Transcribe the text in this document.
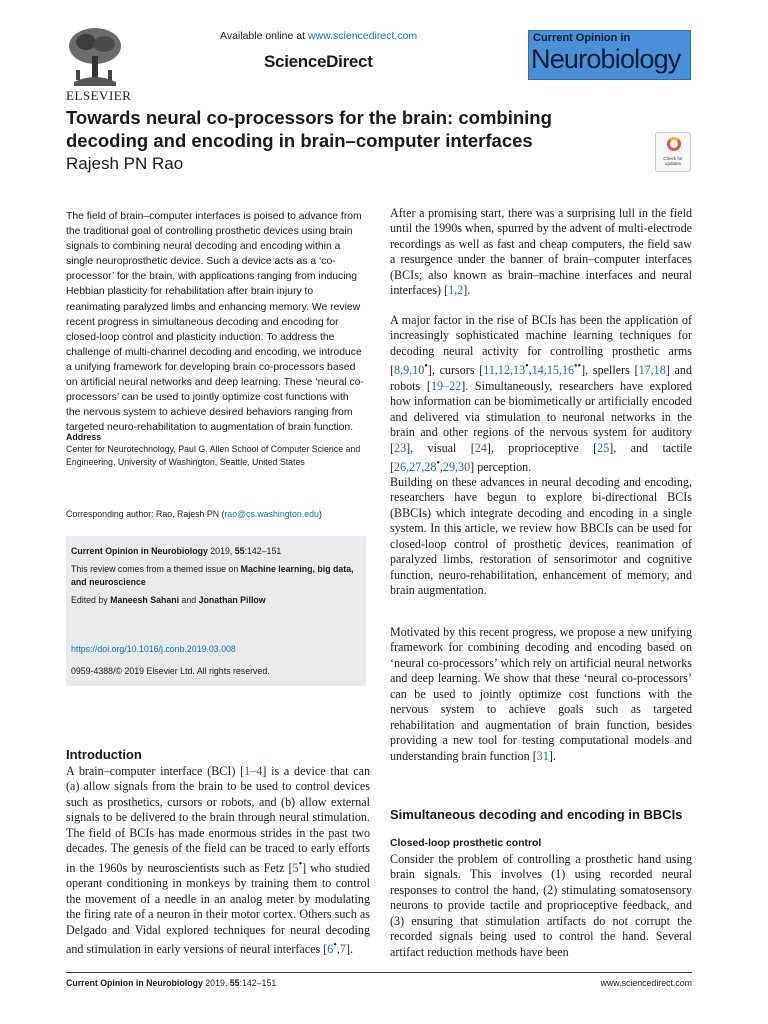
ELSEVIER
Available online at www.sciencedirect.com
ScienceDirect
Current Opinion in
Neurobiology
Towards neural co-processors for the brain: combining decoding and encoding in brain–computer interfaces
Rajesh PN Rao	Check for updates
The field of brain–computer interfaces is poised to advance from the traditional goal of controlling prosthetic devices using brain signals to combining neural decoding and encoding within a single neuroprosthetic device. Such a device acts as a ‘co-processor’ for the brain, with applications ranging from inducing Hebbian plasticity for rehabilitation after brain injury to reanimating paralyzed limbs and enhancing memory. We review recent progress in simultaneous decoding and encoding for closed-loop control and plasticity induction. To address the challenge of multi-channel decoding and encoding, we introduce a unifying framework for developing brain co-processors based on artificial neural networks and deep learning. These ‘neural co-processors’ can be used to jointly optimize cost functions with the nervous system to achieve desired behaviors ranging from targeted neuro-rehabilitation to augmentation of brain function.
Address
Center for Neurotechnology, Paul G. Allen School of Computer Science and Engineering, University of Washington, Seattle, United States
Corresponding author: Rao, Rajesh PN (rao@cs.washington.edu)
Current Opinion in Neurobiology 2019, 55:142–151
This review comes from a themed issue on Machine learning, big data, and neuroscience
Edited by Maneesh Sahani and Jonathan Pillow
https://doi.org/10.1016/j.conb.2019.03.008
0959-4388/© 2019 Elsevier Ltd. All rights reserved.
Introduction
A brain–computer interface (BCI) [1–4] is a device that can (a) allow signals from the brain to be used to control devices such as prosthetics, cursors or robots, and (b) allow external signals to be delivered to the brain through neural stimulation. The field of BCIs has made enormous strides in the past two decades. The genesis of the field can be traced to early efforts in the 1960s by neuroscientists such as Fetz [5•] who studied operant conditioning in monkeys by training them to control the movement of a needle in an analog meter by modulating the firing rate of a neuron in their motor cortex. Others such as Delgado and Vidal explored techniques for neural decoding and stimulation in early versions of neural interfaces [6•,7].
After a promising start, there was a surprising lull in the field until the 1990s when, spurred by the advent of multi-electrode recordings as well as fast and cheap computers, the field saw a resurgence under the banner of brain–computer interfaces (BCIs; also known as brain–machine interfaces and neural interfaces) [1,2].
A major factor in the rise of BCIs has been the application of increasingly sophisticated machine learning techniques for decoding neural activity for controlling prosthetic arms [8,9,10•], cursors [11,12,13•,14,15,16••], spellers [17,18] and robots [19–22]. Simultaneously, researchers have explored how information can be biomimetically or artificially encoded and delivered via stimulation to neuronal networks in the brain and other regions of the nervous system for auditory [23], visual [24], proprioceptive [25], and tactile [26,27,28•,29,30] perception.
Building on these advances in neural decoding and encoding, researchers have begun to explore bi-directional BCIs (BBCIs) which integrate decoding and encoding in a single system. In this article, we review how BBCIs can be used for closed-loop control of prosthetic devices, reanimation of paralyzed limbs, restoration of sensorimotor and cognitive function, neuro-rehabilitation, enhancement of memory, and brain augmentation.
Motivated by this recent progress, we propose a new unifying framework for combining decoding and encoding based on ‘neural co-processors’ which rely on artificial neural networks and deep learning. We show that these ‘neural co-processors’ can be used to jointly optimize cost functions with the nervous system to achieve goals such as targeted rehabilitation and augmentation of brain function, besides providing a new tool for testing computational models and understanding brain function [31].
Simultaneous decoding and encoding in BBCIs
Closed-loop prosthetic control
Consider the problem of controlling a prosthetic hand using brain signals. This involves (1) using recorded neural responses to control the hand, (2) stimulating somatosensory neurons to provide tactile and proprioceptive feedback, and (3) ensuring that stimulation artifacts do not corrupt the recorded signals being used to control the hand. Several artifact reduction methods have been
Current Opinion in Neurobiology 2019, 55:142–151	www.sciencedirect.com
